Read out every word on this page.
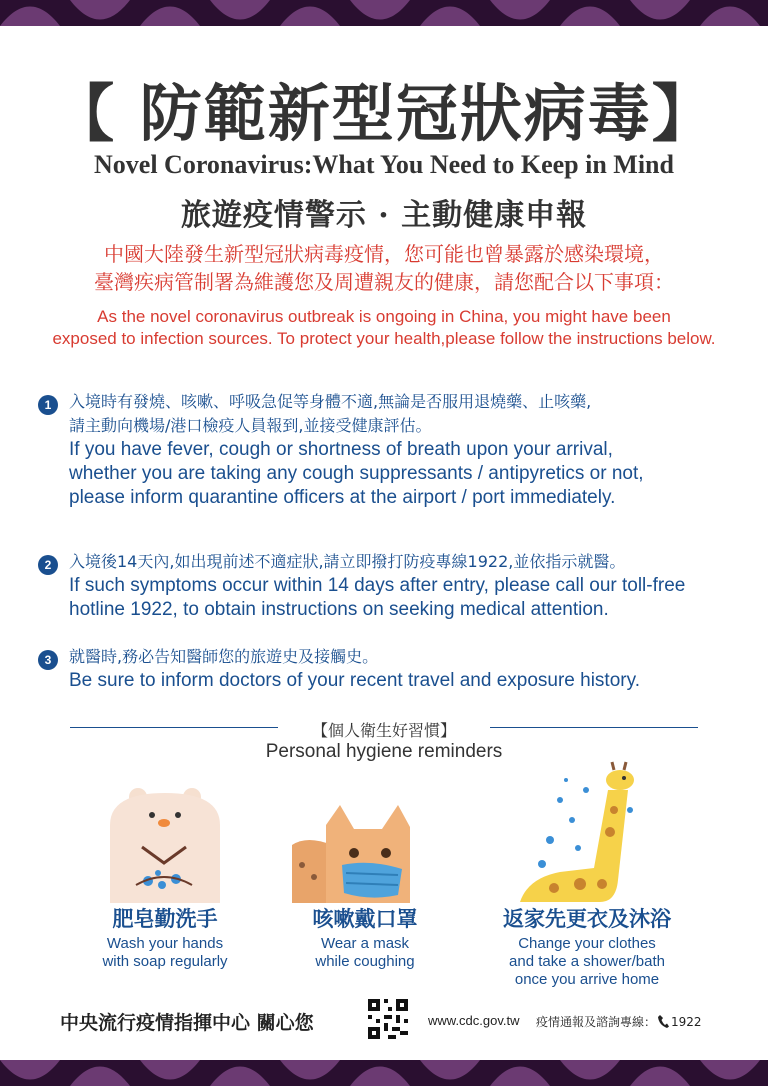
【 防範新型冠狀病毒】
Novel Coronavirus:What You Need to Keep in Mind
旅遊疫情警示 · 主動健康申報
中國大陸發生新型冠狀病毒疫情，您可能也曾暴露於感染環境，
臺灣疾病管制署為維護您及周遭親友的健康，請您配合以下事項：
As the novel coronavirus outbreak is ongoing in China, you might have been
exposed to infection sources. To protect your health,please follow the instructions below.
1	入境時有發燒、咳嗽、呼吸急促等身體不適,無論是否服用退燒藥、止咳藥,
請主動向機場/港口檢疫人員報到,並接受健康評估。
If you have fever, cough or shortness of breath upon your arrival,
whether you are taking any cough suppressants / antipyretics or not,
please inform quarantine officers at the airport / port immediately.
2	入境後14天內,如出現前述不適症狀,請立即撥打防疫專線1922,並依指示就醫。
If such symptoms occur within 14 days after entry, please call our toll-free
hotline 1922, to obtain instructions on seeking medical attention.
3	就醫時,務必告知醫師您的旅遊史及接觸史。
Be sure to inform doctors of your recent travel and exposure history.
【個人衛生好習慣】
Personal hygiene reminders
肥皂勤洗手
Wash your hands
with soap regularly
咳嗽戴口罩
Wear a mask
while coughing
返家先更衣及沐浴
Change your clothes
and take a shower/bath
once you arrive home
中央流行疫情指揮中心 關心您	www.cdc.gov.tw 疫情通報及諮詢專線： 1922
